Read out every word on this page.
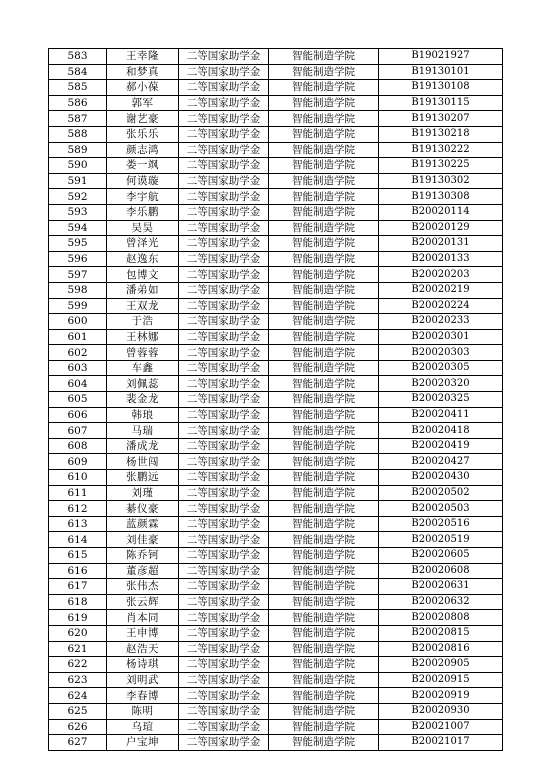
583	王幸隆	二等国家助学金	智能制造学院	B19021927
584	和梦真	二等国家助学金	智能制造学院	B19130101
585	郝小葆	二等国家助学金	智能制造学院	B19130108
586	郭军	二等国家助学金	智能制造学院	B19130115
587	谢艺豪	二等国家助学金	智能制造学院	B19130207
588	张乐乐	二等国家助学金	智能制造学院	B19130218
589	颜志鸿	二等国家助学金	智能制造学院	B19130222
590	娄一飒	二等国家助学金	智能制造学院	B19130225
591	何谟璇	二等国家助学金	智能制造学院	B19130302
592	李宇航	二等国家助学金	智能制造学院	B19130308
593	李乐鹏	二等国家助学金	智能制造学院	B20020114
594	吴昊	二等国家助学金	智能制造学院	B20020129
595	曾泽光	二等国家助学金	智能制造学院	B20020131
596	赵逸东	二等国家助学金	智能制造学院	B20020133
597	包博文	二等国家助学金	智能制造学院	B20020203
598	潘弟如	二等国家助学金	智能制造学院	B20020219
599	王双龙	二等国家助学金	智能制造学院	B20020224
600	于浩	二等国家助学金	智能制造学院	B20020233
601	王林娜	二等国家助学金	智能制造学院	B20020301
602	曾蓉蓉	二等国家助学金	智能制造学院	B20020303
603	车鑫	二等国家助学金	智能制造学院	B20020305
604	刘佩蕊	二等国家助学金	智能制造学院	B20020320
605	裴金龙	二等国家助学金	智能制造学院	B20020325
606	韩琅	二等国家助学金	智能制造学院	B20020411
607	马瑞	二等国家助学金	智能制造学院	B20020418
608	潘成龙	二等国家助学金	智能制造学院	B20020419
609	杨世闯	二等国家助学金	智能制造学院	B20020427
610	张鹏远	二等国家助学金	智能制造学院	B20020430
611	刘瑾	二等国家助学金	智能制造学院	B20020502
612	綦仪豪	二等国家助学金	智能制造学院	B20020503
613	蓝颜霖	二等国家助学金	智能制造学院	B20020516
614	刘佳豪	二等国家助学金	智能制造学院	B20020519
615	陈乔钶	二等国家助学金	智能制造学院	B20020605
616	董彦超	二等国家助学金	智能制造学院	B20020608
617	张伟杰	二等国家助学金	智能制造学院	B20020631
618	张云辉	二等国家助学金	智能制造学院	B20020632
619	肖本同	二等国家助学金	智能制造学院	B20020808
620	王申博	二等国家助学金	智能制造学院	B20020815
621	赵浩天	二等国家助学金	智能制造学院	B20020816
622	杨诗琪	二等国家助学金	智能制造学院	B20020905
623	刘明武	二等国家助学金	智能制造学院	B20020915
624	李春博	二等国家助学金	智能制造学院	B20020919
625	陈明	二等国家助学金	智能制造学院	B20020930
626	乌瑄	二等国家助学金	智能制造学院	B20021007
627	户宝坤	二等国家助学金	智能制造学院	B20021017
